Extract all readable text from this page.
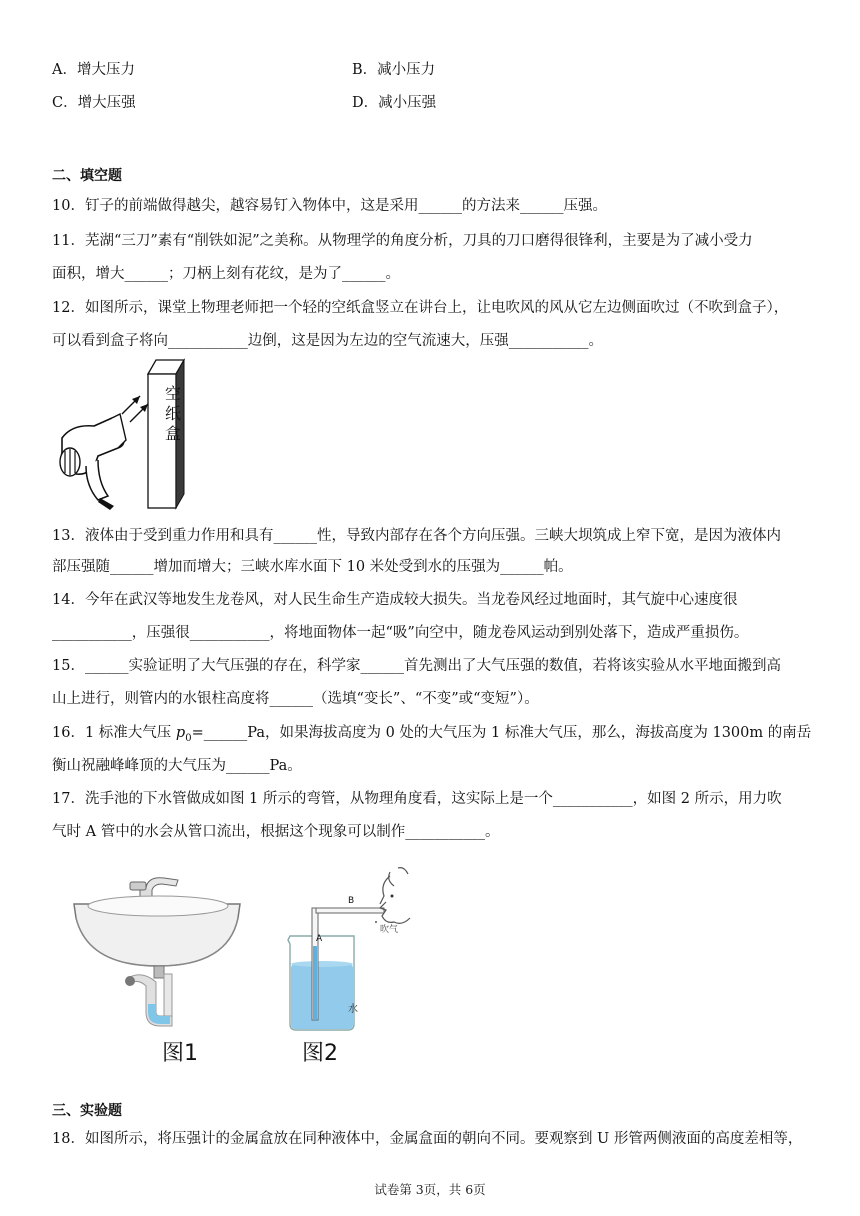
A．增大压力	B．减小压力
C．增大压强	D．减小压强
二、填空题
10．钉子的前端做得越尖，越容易钉入物体中，这是采用______的方法来______压强。
11．芜湖“三刀”素有“削铁如泥”之美称。从物理学的角度分析，刀具的刀口磨得很锋利，主要是为了减小受力
面积，增大______；刀柄上刻有花纹，是为了______。
12．如图所示，课堂上物理老师把一个轻的空纸盒竖立在讲台上，让电吹风的风从它左边侧面吹过（不吹到盒子），
可以看到盒子将向___________边倒，这是因为左边的空气流速大，压强___________。
空纸盒
13．液体由于受到重力作用和具有______性，导致内部存在各个方向压强。三峡大坝筑成上窄下宽，是因为液体内
部压强随______增加而增大；三峡水库水面下 10 米处受到水的压强为______帕。
14．今年在武汉等地发生龙卷风，对人民生命生产造成较大损失。当龙卷风经过地面时，其气旋中心速度很
___________，压强很___________，将地面物体一起“吸”向空中，随龙卷风运动到别处落下，造成严重损伤。
15．______实验证明了大气压强的存在，科学家______首先测出了大气压强的数值，若将该实验从水平地面搬到高
山上进行，则管内的水银柱高度将______（选填“变长”、“不变”或“变短”）。
16．1 标准大气压 $p_0=\_\_\_\_\_\_Pa$，如果海拔高度为 0 处的大气压为 1 标准大气压，那么，海拔高度为 1300m 的南岳
衡山祝融峰峰顶的大气压为______Pa。
17．洗手池的下水管做成如图 1 所示的弯管，从物理角度看，这实际上是一个___________，如图 2 所示，用力吹
气时 A 管中的水会从管口流出，根据这个现象可以制作___________。
图1
A
B
吹气
水
图2
三、实验题
18．如图所示，将压强计的金属盒放在同种液体中，金属盒面的朝向不同。要观察到 U 形管两侧液面的高度差相等，
试卷第 3页，共 6页
